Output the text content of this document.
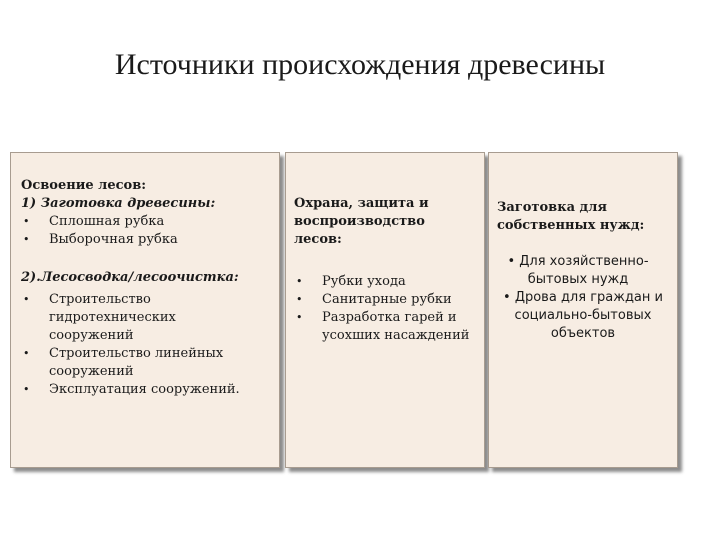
Источники происхождения древесины
Освоение лесов:
1) Заготовка древесины:
• Сплошная рубка
• Выборочная рубка
2).Лесосводка/лесоочистка:
• Строительство гидротехнических сооружений
• Строительство линейных сооружений
• Эксплуатация сооружений.
Охрана, защита и воспроизводство лесов:
• Рубки ухода
• Санитарные рубки
• Разработка гарей и усохших насаждений
Заготовка для собственных нужд:
• Для хозяйственно-бытовых нужд
• Дрова для граждан и социально-бытовых объектов
